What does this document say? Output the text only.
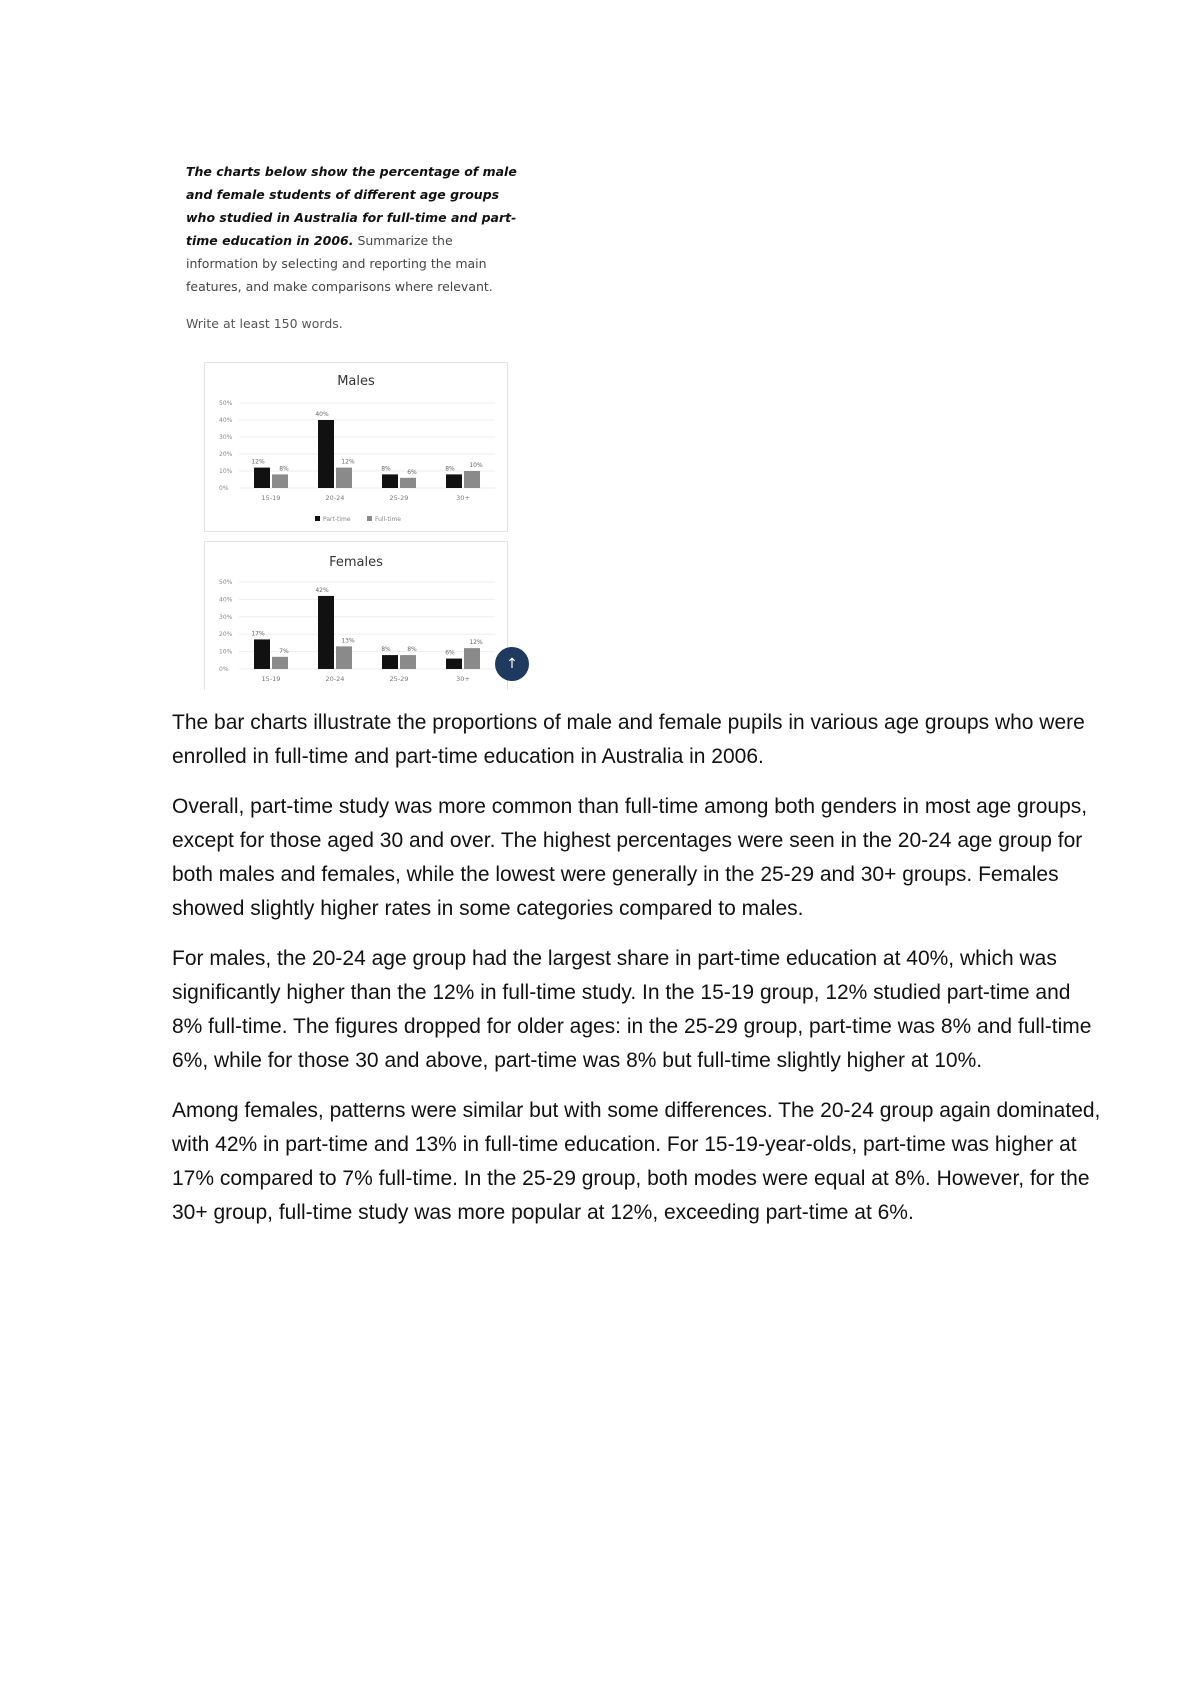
The charts below show the percentage of male and female students of different age groups who studied in Australia for full-time and part-time education in 2006. Summarize the information by selecting and reporting the main features, and make comparisons where relevant.
Write at least 150 words.
Males
0%
10%
20%
30%
40%
50%
12%
8%
15-19
40%
12%
20-24
8%	6%
25-29
8% 10%
30+
Part-time	Full-time
Females
0%
10%
20%
30%
40%
50%
17%
7%
15-19
42%
13%
20-24
8%	8%
25-29
6%
12%
30+
↑

The bar charts illustrate the proportions of male and female pupils in various age groups who were enrolled in full-time and part-time education in Australia in 2006.

Overall, part-time study was more common than full-time among both genders in most age groups, except for those aged 30 and over. The highest percentages were seen in the 20-24 age group for both males and females, while the lowest were generally in the 25-29 and 30+ groups. Females showed slightly higher rates in some categories compared to males.

For males, the 20-24 age group had the largest share in part-time education at 40%, which was significantly higher than the 12% in full-time study. In the 15-19 group, 12% studied part-time and 8% full-time. The figures dropped for older ages: in the 25-29 group, part-time was 8% and full-time 6%, while for those 30 and above, part-time was 8% but full-time slightly higher at 10%.

Among females, patterns were similar but with some differences. The 20-24 group again dominated, with 42% in part-time and 13% in full-time education. For 15-19-year-olds, part-time was higher at 17% compared to 7% full-time. In the 25-29 group, both modes were equal at 8%. However, for the 30+ group, full-time study was more popular at 12%, exceeding part-time at 6%.
